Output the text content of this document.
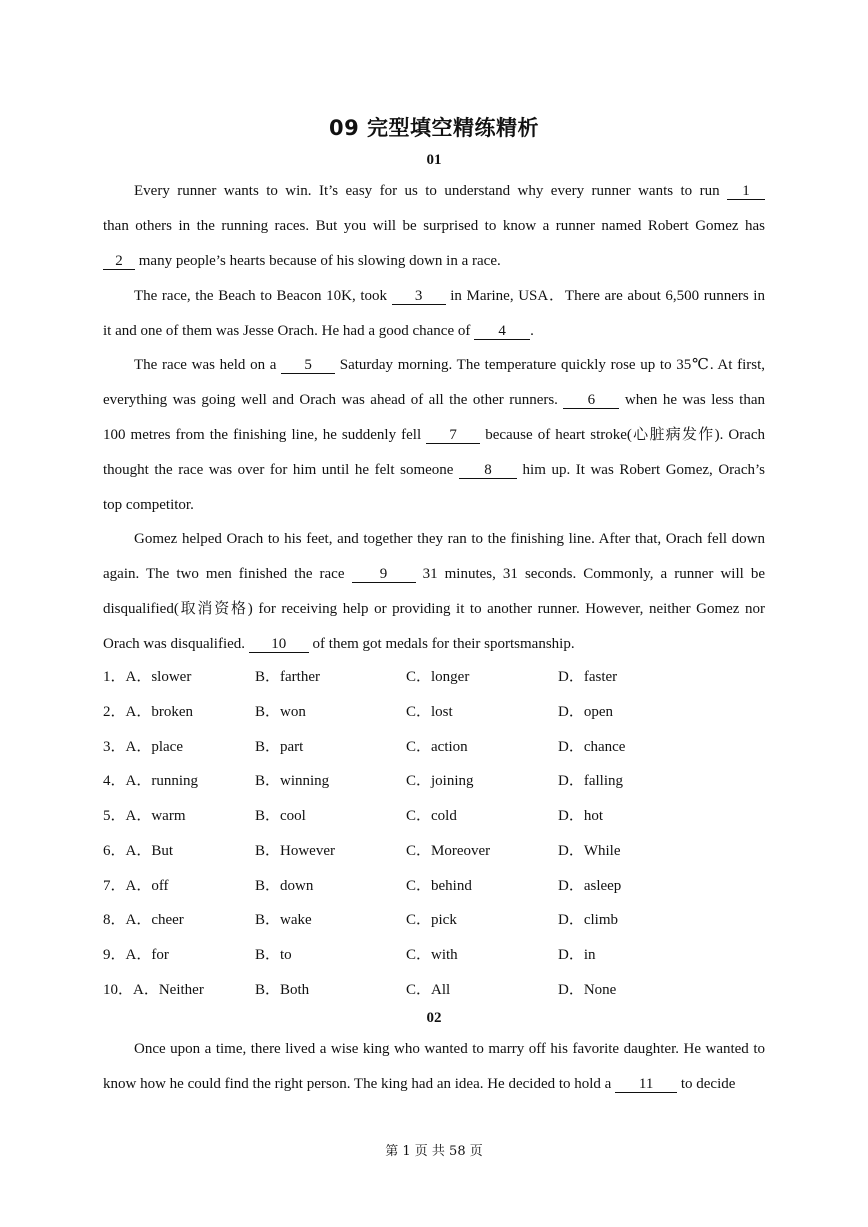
09 完型填空精练精析
01
Every runner wants to win. It’s easy for us to understand why every runner wants to run 1
than others in the running races. But you will be surprised to know a runner named Robert Gomez has
2 many people’s hearts because of his slowing down in a race.
The race, the Beach to Beacon 10K, took 3 in Marine, USA．There are about 6,500 runners in
it and one of them was Jesse Orach. He had a good chance of 4 .
The race was held on a 5 Saturday morning. The temperature quickly rose up to 35℃. At first,
everything was going well and Orach was ahead of all the other runners. 6 when he was less than
100 metres from the finishing line, he suddenly fell 7 because of heart stroke(心脏病发作). Orach
thought the race was over for him until he felt someone 8 him up. It was Robert Gomez, Orach’s
top competitor.
Gomez helped Orach to his feet, and together they ran to the finishing line. After that, Orach fell down
again. The two men finished the race 9 31 minutes, 31 seconds. Commonly, a runner will be
disqualified(取消资格) for receiving help or providing it to another runner. However, neither Gomez nor
Orach was disqualified. 10 of them got medals for their sportsmanship.
1．A．slower	B．farther	C．longer	D．faster
2．A．broken	B．won	C．lost	D．open
3．A．place	B．part	C．action	D．chance
4．A．running	B．winning	C．joining	D．falling
5．A．warm	B．cool	C．cold	D．hot
6．A．But	B．However	C．Moreover	D．While
7．A．off	B．down	C．behind	D．asleep
8．A．cheer	B．wake	C．pick	D．climb
9．A．for	B．to	C．with	D．in
10．A．Neither	B．Both	C．All	D．None
02
Once upon a time, there lived a wise king who wanted to marry off his favorite daughter. He wanted to
know how he could find the right person. The king had an idea. He decided to hold a 11 to decide
第 1 页 共 58 页
